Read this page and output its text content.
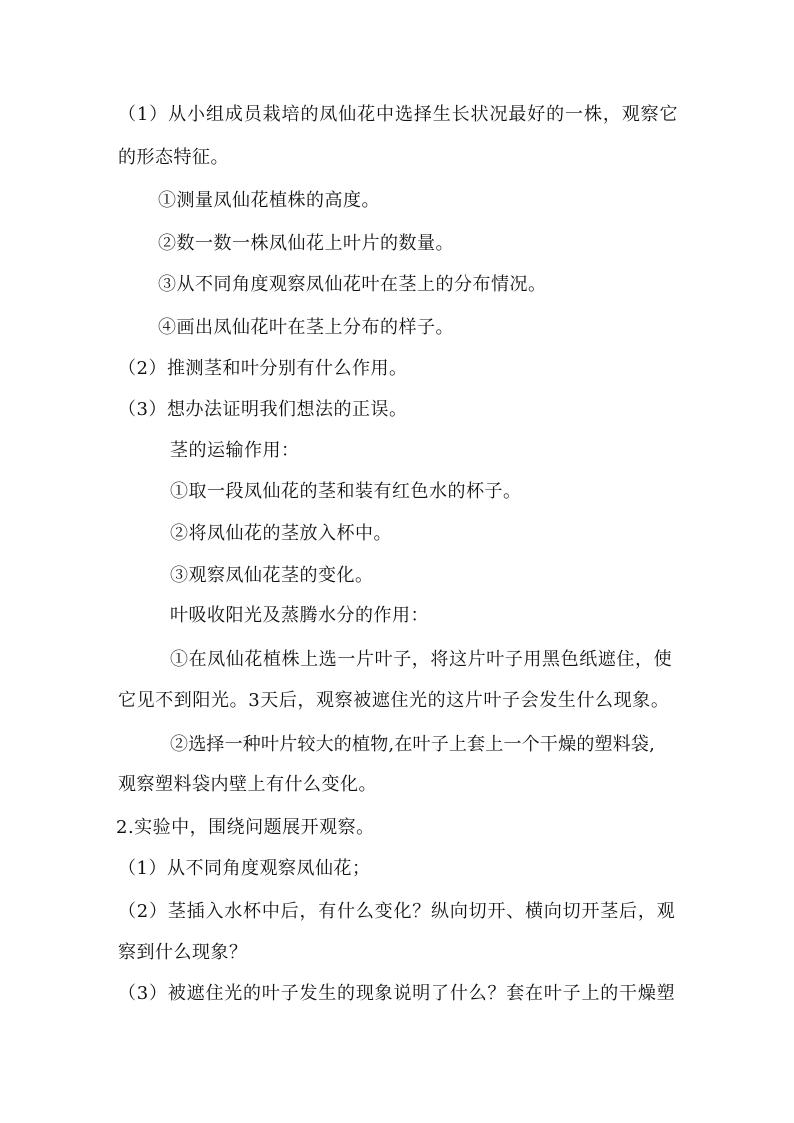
（1）从小组成员栽培的凤仙花中选择生长状况最好的一株，观察它
的形态特征。
①测量凤仙花植株的高度。
②数一数一株凤仙花上叶片的数量。
③从不同角度观察凤仙花叶在茎上的分布情况。
④画出凤仙花叶在茎上分布的样子。
（2）推测茎和叶分别有什么作用。
（3）想办法证明我们想法的正误。
茎的运输作用：
①取一段凤仙花的茎和装有红色水的杯子。
②将凤仙花的茎放入杯中。
③观察凤仙花茎的变化。
叶吸收阳光及蒸腾水分的作用：
①在凤仙花植株上选一片叶子，将这片叶子用黑色纸遮住，使
它见不到阳光。3天后，观察被遮住光的这片叶子会发生什么现象。
②选择一种叶片较大的植物,在叶子上套上一个干燥的塑料袋,
观察塑料袋内壁上有什么变化。
2.实验中，围绕问题展开观察。
（1）从不同角度观察凤仙花；
（2）茎插入水杯中后，有什么变化？纵向切开、横向切开茎后，观
察到什么现象？
（3）被遮住光的叶子发生的现象说明了什么？套在叶子上的干燥塑
